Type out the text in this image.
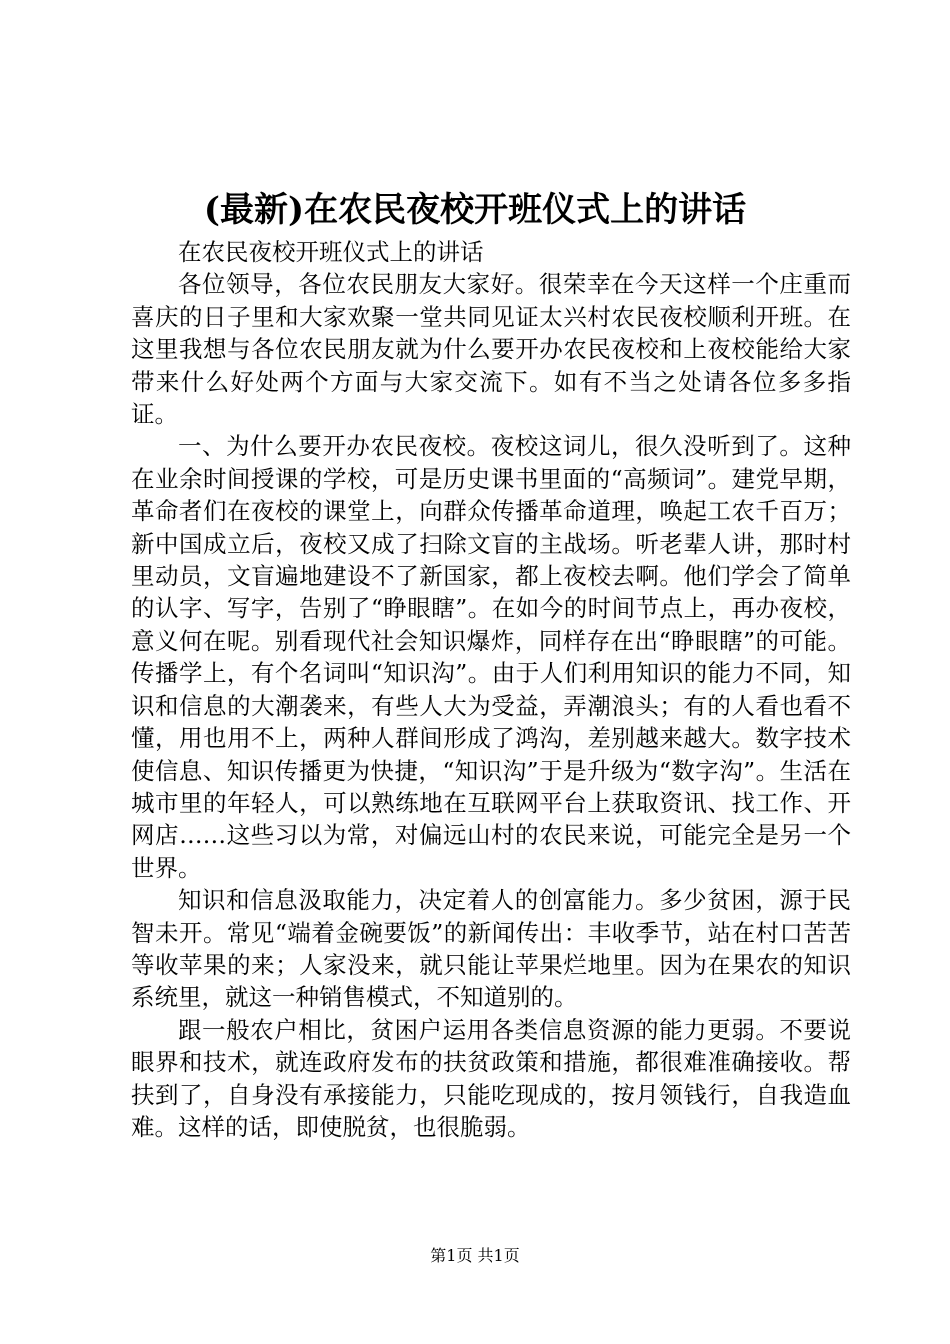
(最新)在农民夜校开班仪式上的讲话

在农民夜校开班仪式上的讲话

各位领导，各位农民朋友大家好。很荣幸在今天这样一个庄重而喜庆的日子里和大家欢聚一堂共同见证太兴村农民夜校顺利开班。在这里我想与各位农民朋友就为什么要开办农民夜校和上夜校能给大家带来什么好处两个方面与大家交流下。如有不当之处请各位多多指证。

一、为什么要开办农民夜校。夜校这词儿，很久没听到了。这种在业余时间授课的学校，可是历史课书里面的“高频词”。建党早期，革命者们在夜校的课堂上，向群众传播革命道理，唤起工农千百万；新中国成立后，夜校又成了扫除文盲的主战场。听老辈人讲，那时村里动员，文盲遍地建设不了新国家，都上夜校去啊。他们学会了简单的认字、写字，告别了“睁眼瞎”。在如今的时间节点上，再办夜校，意义何在呢。别看现代社会知识爆炸，同样存在出“睁眼瞎”的可能。传播学上，有个名词叫“知识沟”。由于人们利用知识的能力不同，知识和信息的大潮袭来，有些人大为受益，弄潮浪头；有的人看也看不懂，用也用不上，两种人群间形成了鸿沟，差别越来越大。数字技术使信息、知识传播更为快捷，“知识沟”于是升级为“数字沟”。生活在城市里的年轻人，可以熟练地在互联网平台上获取资讯、找工作、开网店……这些习以为常，对偏远山村的农民来说，可能完全是另一个世界。

知识和信息汲取能力，决定着人的创富能力。多少贫困，源于民智未开。常见“端着金碗要饭”的新闻传出：丰收季节，站在村口苦苦等收苹果的来；人家没来，就只能让苹果烂地里。因为在果农的知识系统里，就这一种销售模式，不知道别的。

跟一般农户相比，贫困户运用各类信息资源的能力更弱。不要说眼界和技术，就连政府发布的扶贫政策和措施，都很难准确接收。帮扶到了，自身没有承接能力，只能吃现成的，按月领钱行，自我造血难。这样的话，即使脱贫，也很脆弱。

第1页 共1页
